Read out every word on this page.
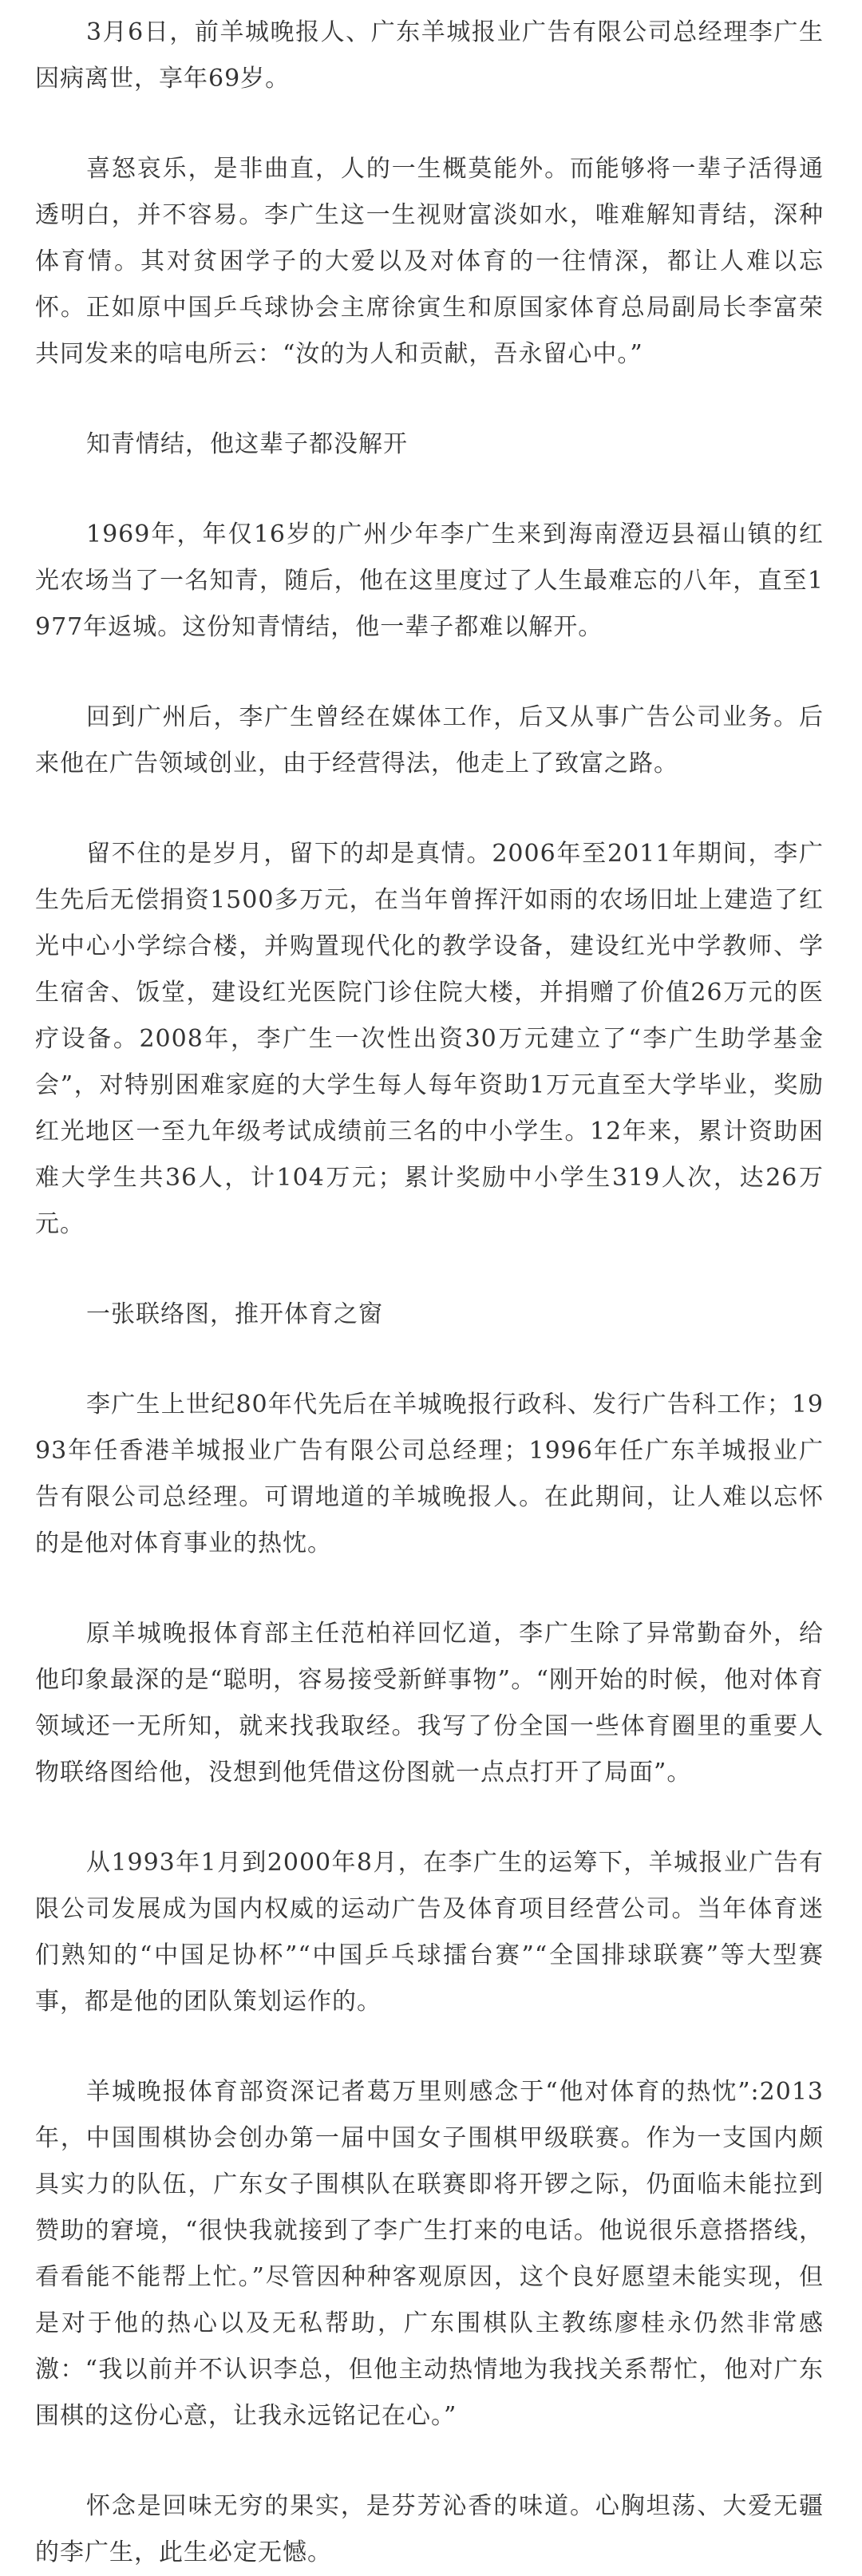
3月6日，前羊城晚报人、广东羊城报业广告有限公司总经理李广生因病离世，享年69岁。

喜怒哀乐，是非曲直，人的一生概莫能外。而能够将一辈子活得通透明白，并不容易。李广生这一生视财富淡如水，唯难解知青结，深种体育情。其对贫困学子的大爱以及对体育的一往情深，都让人难以忘怀。正如原中国乒乓球协会主席徐寅生和原国家体育总局副局长李富荣共同发来的唁电所云：“汝的为人和贡献，吾永留心中。”

知青情结，他这辈子都没解开

1969年，年仅16岁的广州少年李广生来到海南澄迈县福山镇的红光农场当了一名知青，随后，他在这里度过了人生最难忘的八年，直至1977年返城。这份知青情结，他一辈子都难以解开。

回到广州后，李广生曾经在媒体工作，后又从事广告公司业务。后来他在广告领域创业，由于经营得法，他走上了致富之路。

留不住的是岁月，留下的却是真情。2006年至2011年期间，李广生先后无偿捐资1500多万元，在当年曾挥汗如雨的农场旧址上建造了红光中心小学综合楼，并购置现代化的教学设备，建设红光中学教师、学生宿舍、饭堂，建设红光医院门诊住院大楼，并捐赠了价值26万元的医疗设备。2008年，李广生一次性出资30万元建立了“李广生助学基金会”，对特别困难家庭的大学生每人每年资助1万元直至大学毕业，奖励红光地区一至九年级考试成绩前三名的中小学生。12年来，累计资助困难大学生共36人，计104万元；累计奖励中小学生319人次，达26万元。

一张联络图，推开体育之窗

李广生上世纪80年代先后在羊城晚报行政科、发行广告科工作；1993年任香港羊城报业广告有限公司总经理；1996年任广东羊城报业广告有限公司总经理。可谓地道的羊城晚报人。在此期间，让人难以忘怀的是他对体育事业的热忱。

原羊城晚报体育部主任范柏祥回忆道，李广生除了异常勤奋外，给他印象最深的是“聪明，容易接受新鲜事物”。“刚开始的时候，他对体育领域还一无所知，就来找我取经。我写了份全国一些体育圈里的重要人物联络图给他，没想到他凭借这份图就一点点打开了局面”。

从1993年1月到2000年8月，在李广生的运筹下，羊城报业广告有限公司发展成为国内权威的运动广告及体育项目经营公司。当年体育迷们熟知的“中国足协杯”“中国乒乓球擂台赛”“全国排球联赛”等大型赛事，都是他的团队策划运作的。

羊城晚报体育部资深记者葛万里则感念于“他对体育的热忱”:2013年，中国围棋协会创办第一届中国女子围棋甲级联赛。作为一支国内颇具实力的队伍，广东女子围棋队在联赛即将开锣之际，仍面临未能拉到赞助的窘境，“很快我就接到了李广生打来的电话。他说很乐意搭搭线，看看能不能帮上忙。”尽管因种种客观原因，这个良好愿望未能实现，但是对于他的热心以及无私帮助，广东围棋队主教练廖桂永仍然非常感激：“我以前并不认识李总，但他主动热情地为我找关系帮忙，他对广东围棋的这份心意，让我永远铭记在心。”

怀念是回味无穷的果实，是芬芳沁香的味道。心胸坦荡、大爱无疆的李广生，此生必定无憾。
